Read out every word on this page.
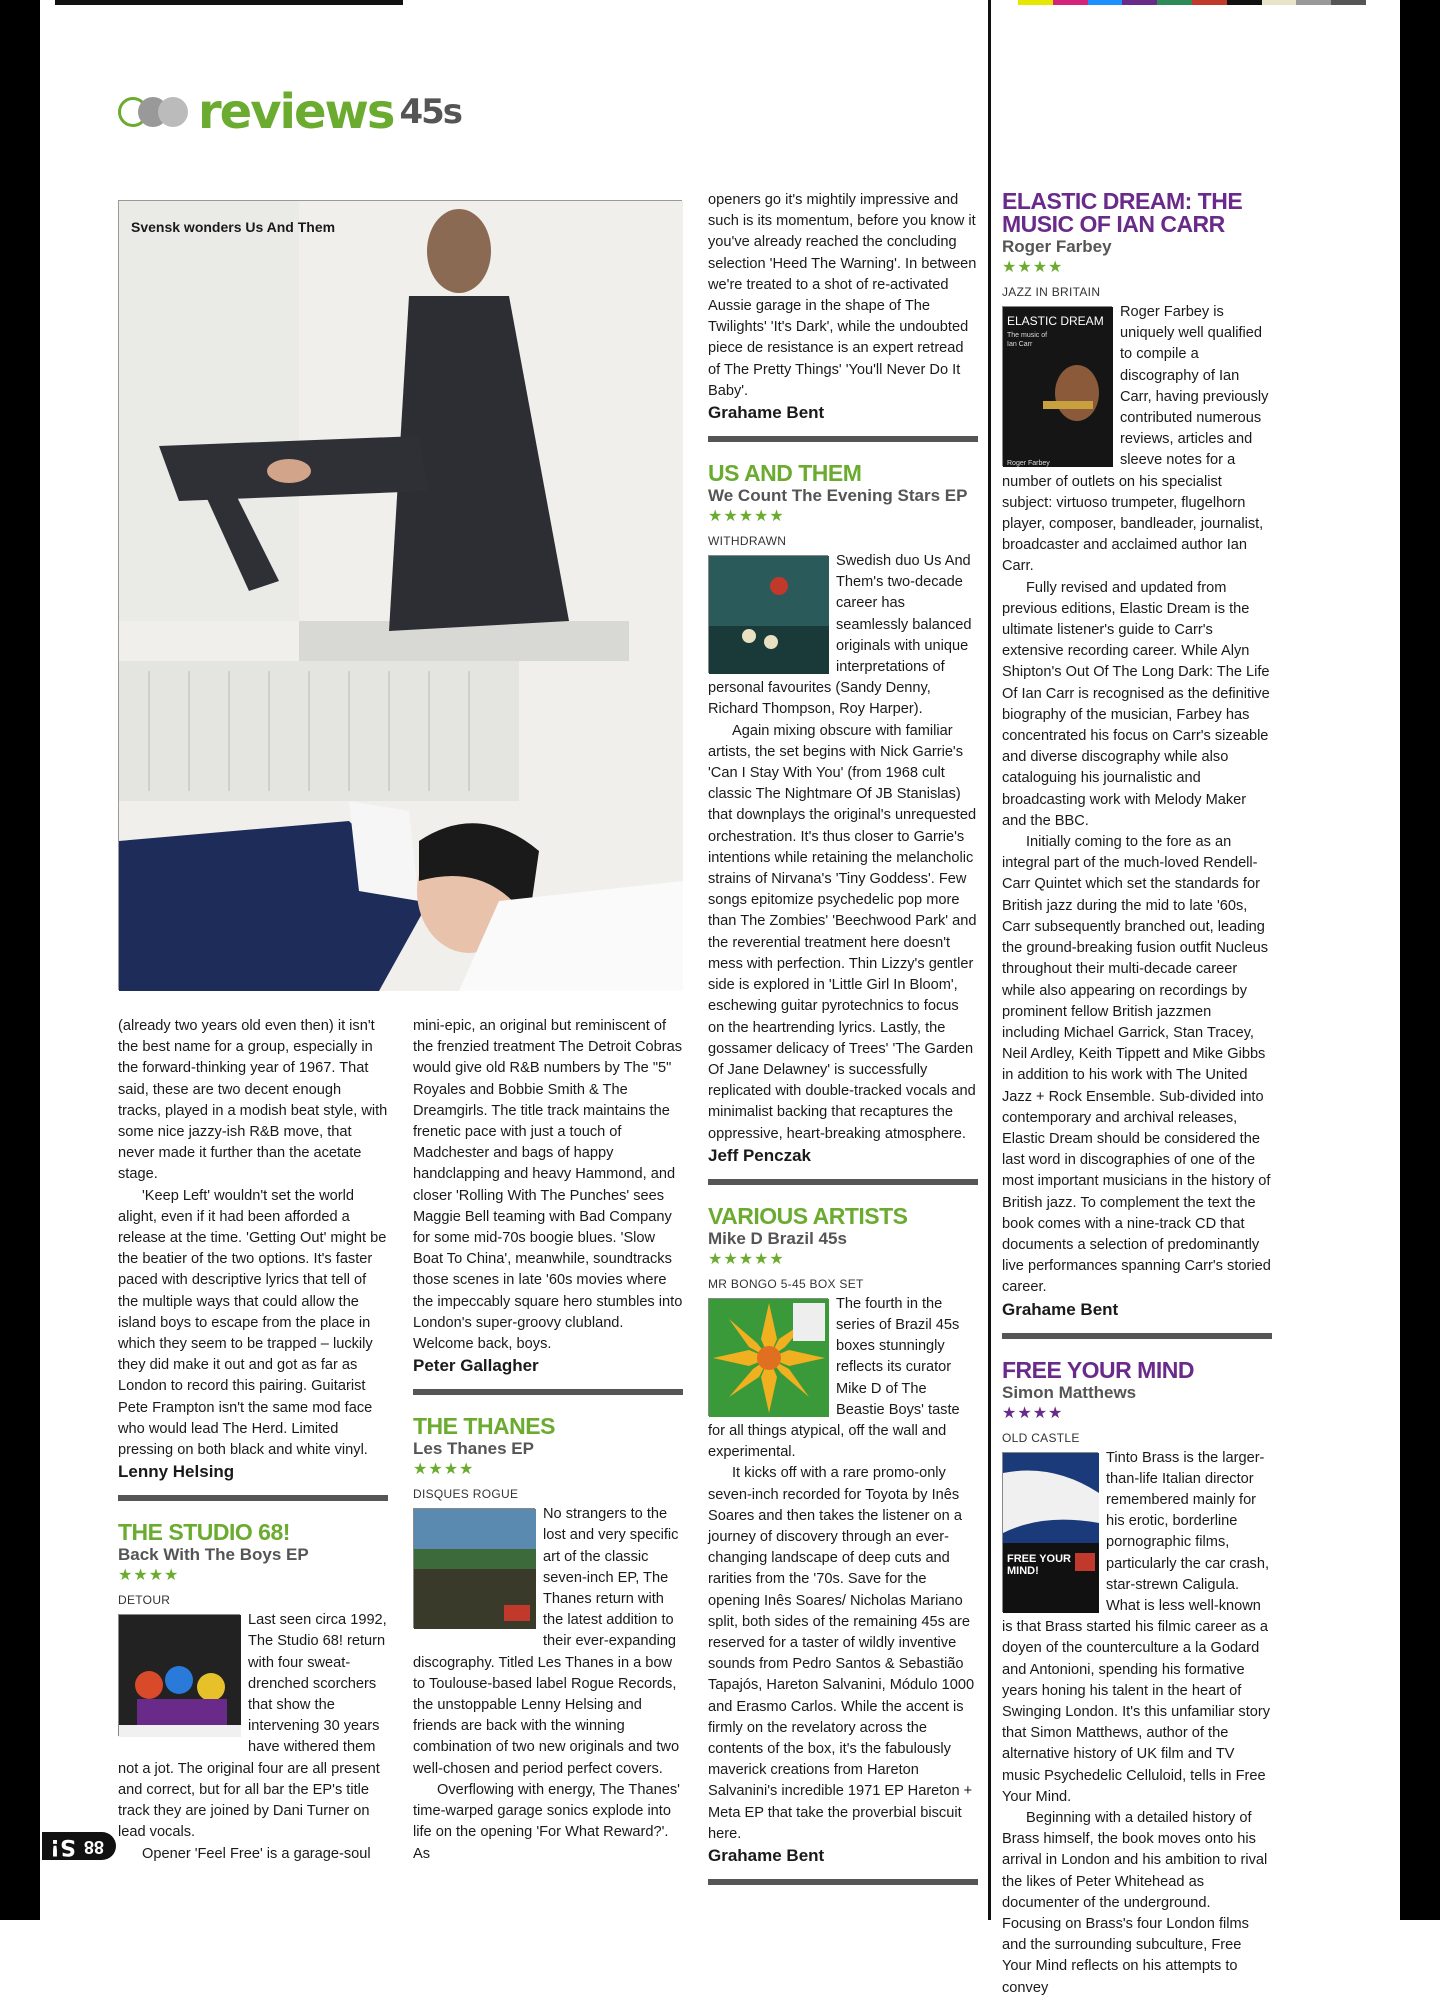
reviews 45s
Svensk wonders Us And Them

(already two years old even then) it isn't the best name for a group, especially in the forward-thinking year of 1967. That said, these are two decent enough tracks, played in a modish beat style, with some nice jazzy-ish R&B move, that never made it further than the acetate stage.

'Keep Left' wouldn't set the world alight, even if it had been afforded a release at the time. 'Getting Out' might be the beatier of the two options. It's faster paced with descriptive lyrics that tell of the multiple ways that could allow the island boys to escape from the place in which they seem to be trapped – luckily they did make it out and got as far as London to record this pairing. Guitarist Pete Frampton isn't the same mod face who would lead The Herd. Limited pressing on both black and white vinyl.

Lenny Helsing
THE STUDIO 68!
Back With The Boys EP
★★★★
DETOUR

Last seen circa 1992, The Studio 68! return with four sweat-drenched scorchers that show the intervening 30 years have withered them not a jot. The original four are all present and correct, but for all bar the EP's title track they are joined by Dani Turner on lead vocals.

Opener 'Feel Free' is a garage-soul

mini-epic, an original but reminiscent of the frenzied treatment The Detroit Cobras would give old R&B numbers by The "5" Royales and Bobbie Smith & The Dreamgirls. The title track maintains the frenetic pace with just a touch of Madchester and bags of happy handclapping and heavy Hammond, and closer 'Rolling With The Punches' sees Maggie Bell teaming with Bad Company for some mid-70s boogie blues. 'Slow Boat To China', meanwhile, soundtracks those scenes in late '60s movies where the impeccably square hero stumbles into London's super-groovy clubland. Welcome back, boys.

Peter Gallagher
THE THANES
Les Thanes EP
★★★★
DISQUES ROGUE

No strangers to the lost and very specific art of the classic seven-inch EP, The Thanes return with the latest addition to their ever-expanding discography. Titled Les Thanes in a bow to Toulouse-based label Rogue Records, the unstoppable Lenny Helsing and friends are back with the winning combination of two new originals and two well-chosen and period perfect covers.

Overflowing with energy, The Thanes' time-warped garage sonics explode into life on the opening 'For What Reward?'. As

openers go it's mightily impressive and such is its momentum, before you know it you've already reached the concluding selection 'Heed The Warning'. In between we're treated to a shot of re-activated Aussie garage in the shape of The Twilights' 'It's Dark', while the undoubted piece de resistance is an expert retread of The Pretty Things' 'You'll Never Do It Baby'.

Grahame Bent
US AND THEM
We Count The Evening Stars EP
★★★★★
WITHDRAWN

Swedish duo Us And Them's two-decade career has seamlessly balanced originals with unique interpretations of personal favourites (Sandy Denny, Richard Thompson, Roy Harper).

Again mixing obscure with familiar artists, the set begins with Nick Garrie's 'Can I Stay With You' (from 1968 cult classic The Nightmare Of JB Stanislas) that downplays the original's unrequested orchestration. It's thus closer to Garrie's intentions while retaining the melancholic strains of Nirvana's 'Tiny Goddess'. Few songs epitomize psychedelic pop more than The Zombies' 'Beechwood Park' and the reverential treatment here doesn't mess with perfection. Thin Lizzy's gentler side is explored in 'Little Girl In Bloom', eschewing guitar pyrotechnics to focus on the heartrending lyrics. Lastly, the gossamer delicacy of Trees' 'The Garden Of Jane Delawney' is successfully replicated with double-tracked vocals and minimalist backing that recaptures the oppressive, heart-breaking atmosphere.

Jeff Penczak
VARIOUS ARTISTS
Mike D Brazil 45s
★★★★★
MR BONGO 5-45 BOX SET

The fourth in the series of Brazil 45s boxes stunningly reflects its curator Mike D of The Beastie Boys' taste for all things atypical, off the wall and experimental.

It kicks off with a rare promo-only seven-inch recorded for Toyota by Inês Soares and then takes the listener on a journey of discovery through an ever-changing landscape of deep cuts and rarities from the '70s. Save for the opening Inês Soares/ Nicholas Mariano split, both sides of the remaining 45s are reserved for a taster of wildly inventive sounds from Pedro Santos & Sebastião Tapajós, Hareton Salvanini, Módulo 1000 and Erasmo Carlos. While the accent is firmly on the revelatory across the contents of the box, it's the fabulously maverick creations from Hareton Salvanini's incredible 1971 EP Hareton + Meta EP that take the proverbial biscuit here.

Grahame Bent
ELASTIC DREAM: THE MUSIC OF IAN CARR
Roger Farbey
★★★★
JAZZ IN BRITAIN
ELASTIC DREAM
The music of Ian Carr
Roger Farbey

Roger Farbey is uniquely well qualified to compile a discography of Ian Carr, having previously contributed numerous reviews, articles and sleeve notes for a number of outlets on his specialist subject: virtuoso trumpeter, flugelhorn player, composer, bandleader, journalist, broadcaster and acclaimed author Ian Carr.

Fully revised and updated from previous editions, Elastic Dream is the ultimate listener's guide to Carr's extensive recording career. While Alyn Shipton's Out Of The Long Dark: The Life Of Ian Carr is recognised as the definitive biography of the musician, Farbey has concentrated his focus on Carr's sizeable and diverse discography while also cataloguing his journalistic and broadcasting work with Melody Maker and the BBC.

Initially coming to the fore as an integral part of the much-loved Rendell-Carr Quintet which set the standards for British jazz during the mid to late '60s, Carr subsequently branched out, leading the ground-breaking fusion outfit Nucleus throughout their multi-decade career while also appearing on recordings by prominent fellow British jazzmen including Michael Garrick, Stan Tracey, Neil Ardley, Keith Tippett and Mike Gibbs in addition to his work with The United Jazz + Rock Ensemble. Sub-divided into contemporary and archival releases, Elastic Dream should be considered the last word in discographies of one of the most important musicians in the history of British jazz. To complement the text the book comes with a nine-track CD that documents a selection of predominantly live performances spanning Carr's storied career.

Grahame Bent
FREE YOUR MIND
Simon Matthews
★★★★
OLD CASTLE
FREE YOUR MIND!

Tinto Brass is the larger-than-life Italian director remembered mainly for his erotic, borderline pornographic films, particularly the car crash, star-strewn Caligula. What is less well-known is that Brass started his filmic career as a doyen of the counterculture a la Godard and Antonioni, spending his formative years honing his talent in the heart of Swinging London. It's this unfamiliar story that Simon Matthews, author of the alternative history of UK film and TV music Psychedelic Celluloid, tells in Free Your Mind.

Beginning with a detailed history of Brass himself, the book moves onto his arrival in London and his ambition to rival the likes of Peter Whitehead as documenter of the underground. Focusing on Brass's four London films and the surrounding subculture, Free Your Mind reflects on his attempts to convey

S! 88
